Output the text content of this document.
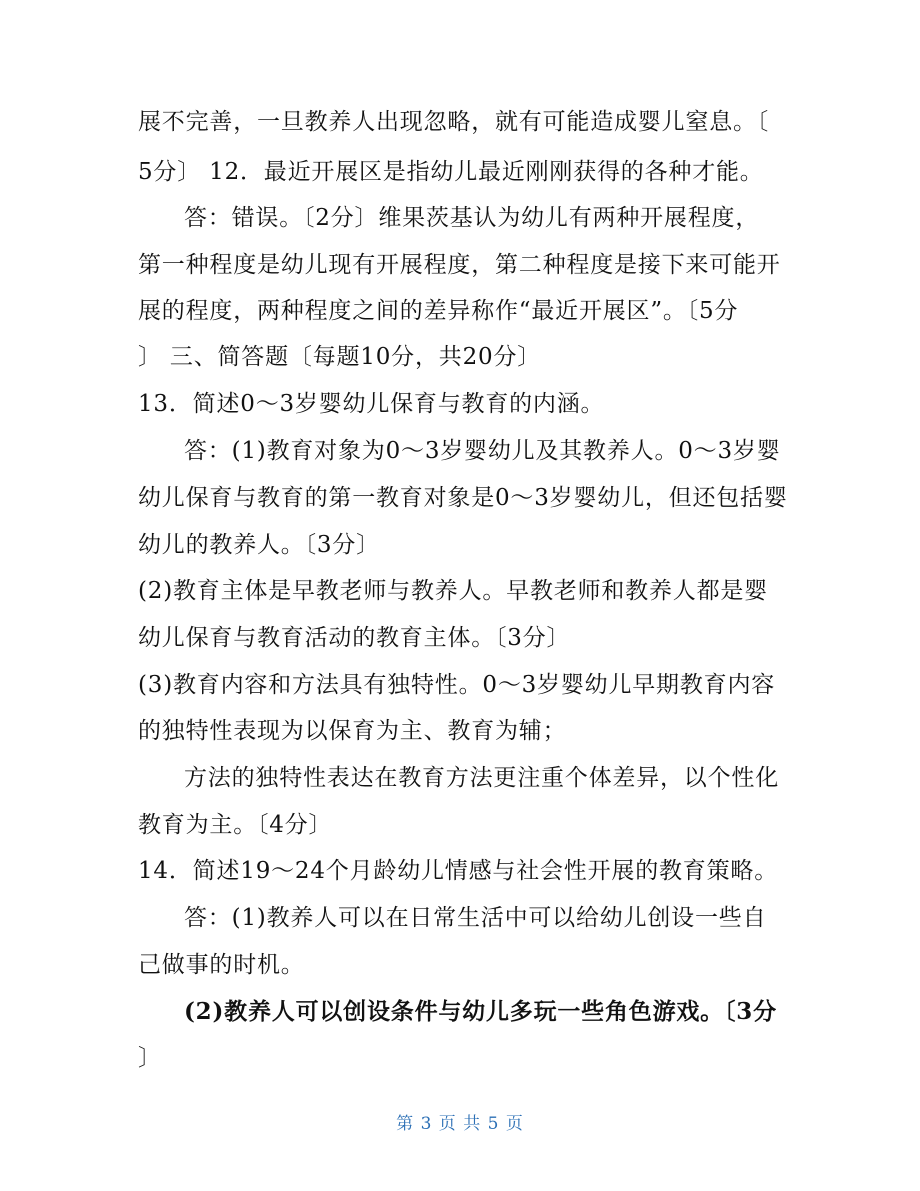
展不完善，一旦教养人出现忽略，就有可能造成婴儿窒息。〔
5分〕 12．最近开展区是指幼儿最近刚刚获得的各种才能。
答：错误。〔2分〕维果茨基认为幼儿有两种开展程度，
第一种程度是幼儿现有开展程度，第二种程度是接下来可能开
展的程度，两种程度之间的差异称作“最近开展区”。〔5分
〕 三、简答题〔每题10分，共20分〕
13．简述0～3岁婴幼儿保育与教育的内涵。
答：(1)教育对象为0～3岁婴幼儿及其教养人。0～3岁婴
幼儿保育与教育的第一教育对象是0～3岁婴幼儿，但还包括婴
幼儿的教养人。〔3分〕
(2)教育主体是早教老师与教养人。早教老师和教养人都是婴
幼儿保育与教育活动的教育主体。〔3分〕
(3)教育内容和方法具有独特性。0～3岁婴幼儿早期教育内容
的独特性表现为以保育为主、教育为辅；
方法的独特性表达在教育方法更注重个体差异，以个性化
教育为主。〔4分〕
14．简述19～24个月龄幼儿情感与社会性开展的教育策略。
答：(1)教养人可以在日常生活中可以给幼儿创设一些自
己做事的时机。
(2)教养人可以创设条件与幼儿多玩一些角色游戏。〔3分
〕
第 3 页 共 5 页
